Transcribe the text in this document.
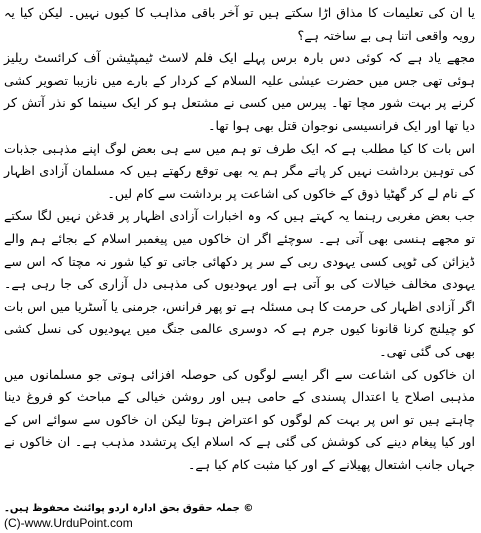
یا ان کی تعلیمات کا مذاق اڑا سکتے ہیں تو آخر باقی مذاہب کا کیوں نہیں۔ لیکن کیا یہ رویہ واقعی اتنا ہی بے ساختہ ہے؟

مجھے یاد ہے کہ کوئی دس بارہ برس پہلے ایک فلم لاسٹ ٹیمپٹیشن آف کرائسٹ ریلیز ہوئی تھی جس میں حضرت عیسٰی علیہ السلام کے کردار کے بارے میں نازیبا تصویر کشی کرنے پر بہت شور مچا تھا۔ پیرس میں کسی نے مشتعل ہو کر ایک سینما کو نذر آتش کر دیا تھا اور ایک فرانسیسی نوجوان قتل بھی ہوا تھا۔

اس بات کا کیا مطلب ہے کہ ایک طرف تو ہم میں سے ہی بعض لوگ اپنے مذہبی جذبات کی توہین برداشت نہیں کر پاتے مگر ہم یہ بھی توقع رکھتے ہیں کہ مسلمان آزادی اظہار کے نام لے کر گھٹیا ذوق کے خاکوں کی اشاعت پر برداشت سے کام لیں۔

جب بعض مغربی رہنما یہ کہتے ہیں کہ وہ اخبارات آزادی اظہار پر قدغن نہیں لگا سکتے تو مجھے ہنسی بھی آتی ہے۔ سوچئے اگر ان خاکوں میں پیغمبر اسلام کے بجائے ہم والے ڈیزائن کی ٹوپی کسی یہودی ربی کے سر پر دکھائی جاتی تو کیا شور نہ مچتا کہ اس سے یہودی مخالف خیالات کی بو آتی ہے اور یہودیوں کی مذہبی دل آزاری کی جا رہی ہے۔ اگر آزادی اظہار کی حرمت کا ہی مسئلہ ہے تو پھر فرانس، جرمنی یا آسٹریا میں اس بات کو چیلنج کرنا قانونا کیوں جرم ہے کہ دوسری عالمی جنگ میں یہودیوں کی نسل کشی بھی کی گئی تھی۔

ان خاکوں کی اشاعت سے اگر ایسے لوگوں کی حوصلہ افزائی ہوتی جو مسلمانوں میں مذہبی اصلاح یا اعتدال پسندی کے حامی ہیں اور روشن خیالی کے مباحث کو فروغ دینا چاہتے ہیں تو اس پر بہت کم لوگوں کو اعتراض ہوتا لیکن ان خاکوں سے سوائے اس کے اور کیا پیغام دینے کی کوشش کی گئی ہے کہ اسلام ایک پرتشدد مذہب ہے۔ ان خاکوں نے جہاں جانب اشتعال پھیلانے کے اور کیا مثبت کام کیا ہے۔

© جملہ حقوق بحق ادارہ اردو پوائنٹ محفوظ ہیں۔
(C)-www.UrduPoint.com
